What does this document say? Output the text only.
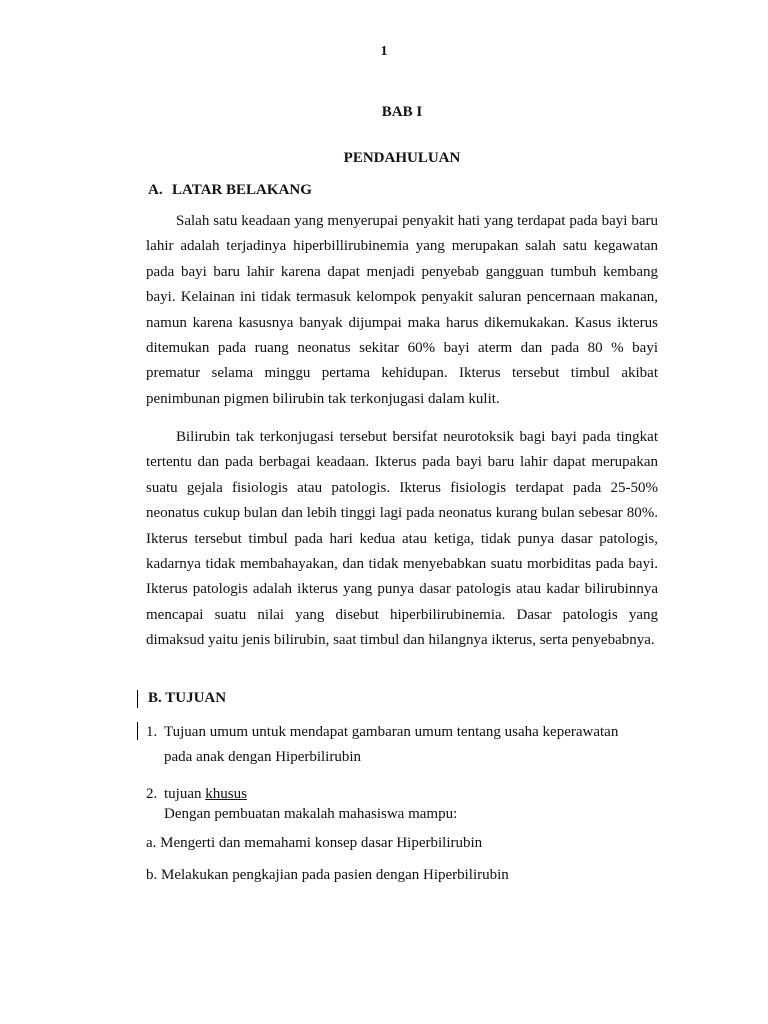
1
BAB I
PENDAHULUAN
A. LATAR BELAKANG

Salah satu keadaan yang menyerupai penyakit hati yang terdapat pada bayi baru lahir adalah terjadinya hiperbillirubinemia yang merupakan salah satu kegawatan pada bayi baru lahir karena dapat menjadi penyebab gangguan tumbuh kembang bayi. Kelainan ini tidak termasuk kelompok penyakit saluran pencernaan makanan, namun karena kasusnya banyak dijumpai maka harus dikemukakan. Kasus ikterus ditemukan pada ruang neonatus sekitar 60% bayi aterm dan pada 80 % bayi prematur selama minggu pertama kehidupan. Ikterus tersebut timbul akibat penimbunan pigmen bilirubin tak terkonjugasi dalam kulit.

Bilirubin tak terkonjugasi tersebut bersifat neurotoksik bagi bayi pada tingkat tertentu dan pada berbagai keadaan. Ikterus pada bayi baru lahir dapat merupakan suatu gejala fisiologis atau patologis. Ikterus fisiologis terdapat pada 25-50% neonatus cukup bulan dan lebih tinggi lagi pada neonatus kurang bulan sebesar 80%. Ikterus tersebut timbul pada hari kedua atau ketiga, tidak punya dasar patologis, kadarnya tidak membahayakan, dan tidak menyebabkan suatu morbiditas pada bayi. Ikterus patologis adalah ikterus yang punya dasar patologis atau kadar bilirubinnya mencapai suatu nilai yang disebut hiperbilirubinemia. Dasar patologis yang dimaksud yaitu jenis bilirubin, saat timbul dan hilangnya ikterus, serta penyebabnya.

B. TUJUAN
1. Tujuan umum untuk mendapat gambaran umum tentang usaha keperawatan
pada anak dengan Hiperbilirubin
2. tujuan khusus
Dengan pembuatan makalah mahasiswa mampu:
a. Mengerti dan memahami konsep dasar Hiperbilirubin
b. Melakukan pengkajian pada pasien dengan Hiperbilirubin
